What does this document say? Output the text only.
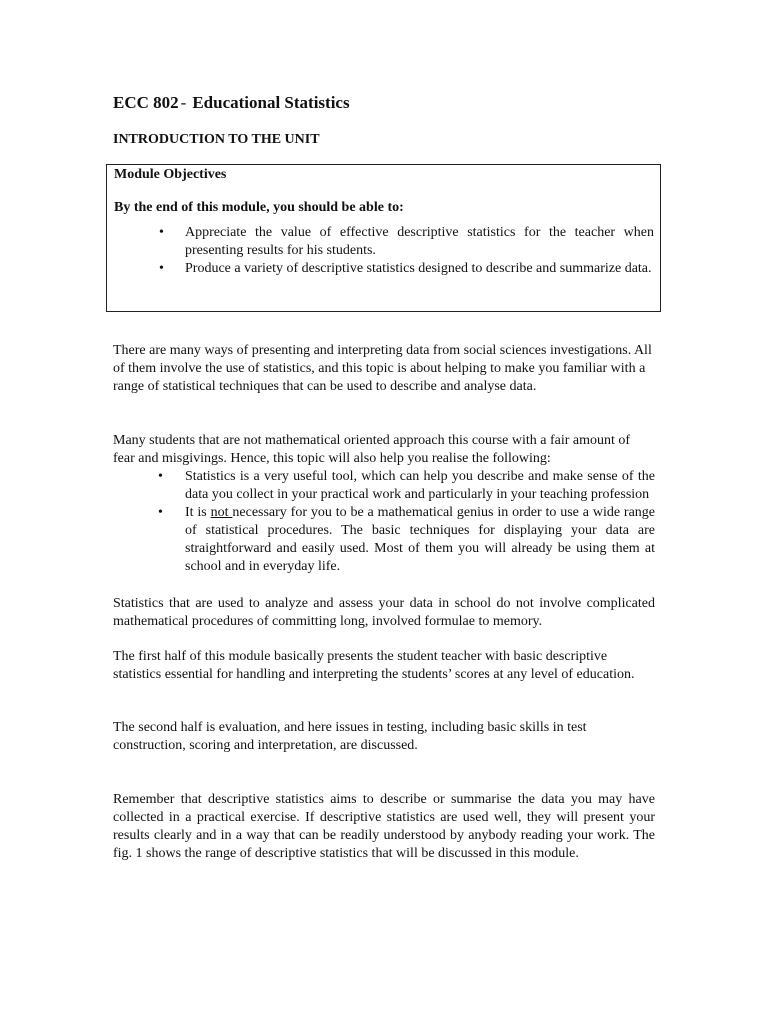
ECC 802 - Educational Statistics
INTRODUCTION TO THE UNIT
Module Objectives
By the end of this module, you should be able to:
• Appreciate the value of effective descriptive statistics for the teacher when presenting results for his students.
• Produce a variety of descriptive statistics designed to describe and summarize data.
There are many ways of presenting and interpreting data from social sciences investigations. All of them involve the use of statistics, and this topic is about helping to make you familiar with a range of statistical techniques that can be used to describe and analyse data.
Many students that are not mathematical oriented approach this course with a fair amount of fear and misgivings. Hence, this topic will also help you realise the following:
• Statistics is a very useful tool, which can help you describe and make sense of the data you collect in your practical work and particularly in your teaching profession
• It is not necessary for you to be a mathematical genius in order to use a wide range of statistical procedures. The basic techniques for displaying your data are straightforward and easily used. Most of them you will already be using them at school and in everyday life.
Statistics that are used to analyze and assess your data in school do not involve complicated mathematical procedures of committing long, involved formulae to memory.
The first half of this module basically presents the student teacher with basic descriptive statistics essential for handling and interpreting the students’ scores at any level of education.
The second half is evaluation, and here issues in testing, including basic skills in test construction, scoring and interpretation, are discussed.
Remember that descriptive statistics aims to describe or summarise the data you may have collected in a practical exercise. If descriptive statistics are used well, they will present your results clearly and in a way that can be readily understood by anybody reading your work. The fig. 1 shows the range of descriptive statistics that will be discussed in this module.
